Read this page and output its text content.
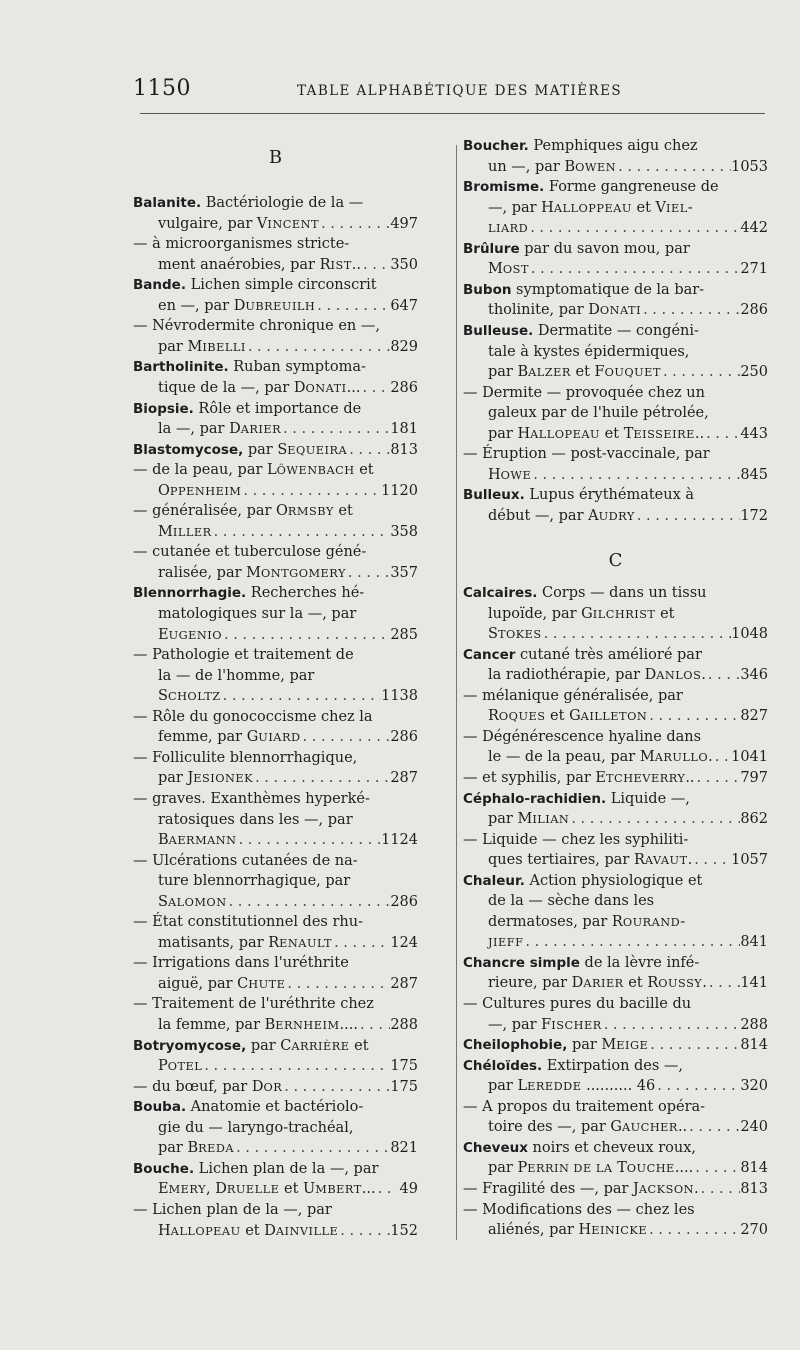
1150	TABLE ALPHABÉTIQUE DES MATIÈRES
B
Balanite. Bactériologie de la —
vulgaire, par VINCENT . . .	497
— à microorganismes stricte-
ment anaérobies, par RIST.. . . . 350
Bande. Lichen simple circonscrit
en —, par DUBREUILH . . .	647
— Névrodermite chronique en —,
par MIBELLI . . .	829
Bartholinite. Ruban symptoma-
tique de la —, par DONATI... . . . 286
Biopsie. Rôle et importance de
la —, par DARIER . . .	181
Blastomycose, par SEQUEIRA . . .	813
— de la peau, par LÖWENBACH et
OPPENHEIM . . .	1120
— généralisée, par ORMSBY et
MILLER . . .	358
— cutanée et tuberculose géné-
ralisée, par MONTGOMERY . . .	357
Blennorrhagie. Recherches hé-
matologiques sur la —, par
EUGENIO . . .	285
— Pathologie et traitement de
la — de l'homme, par
SCHOLTZ . . .	1138
— Rôle du gonococcisme chez la
femme, par GUIARD . . .	286
— Folliculite blennorrhagique,
par JESIONEK . . .	287
— graves. Exanthèmes hyperké-
ratosiques dans les —, par
BAERMANN . . .	1124
— Ulcérations cutanées de na-
ture blennorrhagique, par
SALOMON . . .	286
— État constitutionnel des rhu-
matisants, par RENAULT . . .	124
— Irrigations dans l'uréthrite
aiguë, par CHUTE . . .	287
— Traitement de l'uréthrite chez
la femme, par BERNHEIM.... . . . 288
Botryomycose, par CARRIÈRE et
POTEL . . .	175
— du bœuf, par DOR . . .	175
Bouba. Anatomie et bactériolo-
gie du — laryngo-trachéal,
par BREDA . . .	821
Bouche. Lichen plan de la —, par
EMERY, DRUELLE et UMBERT... . . .	49
— Lichen plan de la —, par
HALLOPEAU et DAINVILLE . . .	152
Boucher. Pemphiques aigu chez
un —, par BOWEN . . .	1053
Bromisme. Forme gangreneuse de
—, par HALLOPPEAU et VIEL-
LIARD . . .	442
Brûlure par du savon mou, par
MOST . . .	271
Bubon symptomatique de la bar-
tholinite, par DONATI . . .	286
Bulleuse. Dermatite — congéni-
tale à kystes épidermiques,
par BALZER et FOUQUET . . .	250
— Dermite — provoquée chez un
galeux par de l'huile pétrolée,
par HALLOPEAU et TEISSEIRE.. . . .	443
— Éruption — post-vaccinale, par
HOWE . . .	845
Bulleux. Lupus érythémateux à
début —, par AUDRY . . .	172
C
Calcaires. Corps — dans un tissu
lupoïde, par GILCHRIST et
STOKES . . .	1048
Cancer cutané très amélioré par
la radiothérapie, par DANLOS. . . . 346
— mélanique généralisée, par
ROQUES et GAILLETON . . .	827
— Dégénérescence hyaline dans
le — de la peau, par MARULLO. . . . 1041
— et syphilis, par ETCHEVERRY.. . . .	797
Céphalo-rachidien. Liquide —,
par MILIAN . . .	862
— Liquide — chez les syphiliti-
ques tertiaires, par RAVAUT. . . .	1057
Chaleur. Action physiologique et
de la — sèche dans les
dermatoses, par ROURAND-
JIEFF . . .	841
Chancre simple de la lèvre infé-
rieure, par DARIER et ROUSSY. . . . 141
— Cultures pures du bacille du
—, par FISCHER . . .	288
Cheilophobie, par MEIGE . . .	814
Chéloïdes. Extirpation des —,
par LEREDDE .......... 46 . . .	320
— A propos du traitement opéra-
toire des —, par GAUCHER.. . . .	240
Cheveux noirs et cheveux roux,
par PERRIN DE LA TOUCHE.... . . .	814
— Fragilité des —, par JACKSON. . . .	813
— Modifications des — chez les
aliénés, par HEINICKE . . .	270
